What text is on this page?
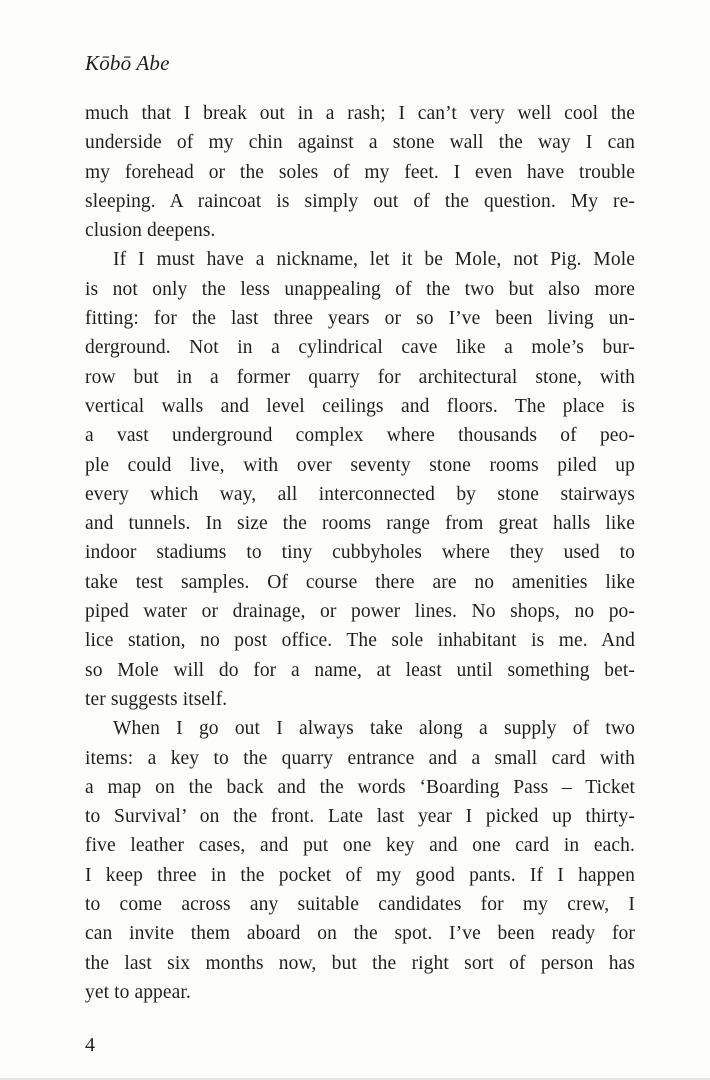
Kōbō Abe
much that I break out in a rash; I can’t very well cool the
underside of my chin against a stone wall the way I can
my forehead or the soles of my feet. I even have trouble
sleeping. A raincoat is simply out of the question. My re-
clusion deepens.
If I must have a nickname, let it be Mole, not Pig. Mole
is not only the less unappealing of the two but also more
fitting: for the last three years or so I’ve been living un-
derground. Not in a cylindrical cave like a mole’s bur-
row but in a former quarry for architectural stone, with
vertical walls and level ceilings and floors. The place is
a vast underground complex where thousands of peo-
ple could live, with over seventy stone rooms piled up
every which way, all interconnected by stone stairways
and tunnels. In size the rooms range from great halls like
indoor stadiums to tiny cubbyholes where they used to
take test samples. Of course there are no amenities like
piped water or drainage, or power lines. No shops, no po-
lice station, no post office. The sole inhabitant is me. And
so Mole will do for a name, at least until something bet-
ter suggests itself.
When I go out I always take along a supply of two
items: a key to the quarry entrance and a small card with
a map on the back and the words ‘Boarding Pass – Ticket
to Survival’ on the front. Late last year I picked up thirty-
five leather cases, and put one key and one card in each.
I keep three in the pocket of my good pants. If I happen
to come across any suitable candidates for my crew, I
can invite them aboard on the spot. I’ve been ready for
the last six months now, but the right sort of person has
yet to appear.
4
